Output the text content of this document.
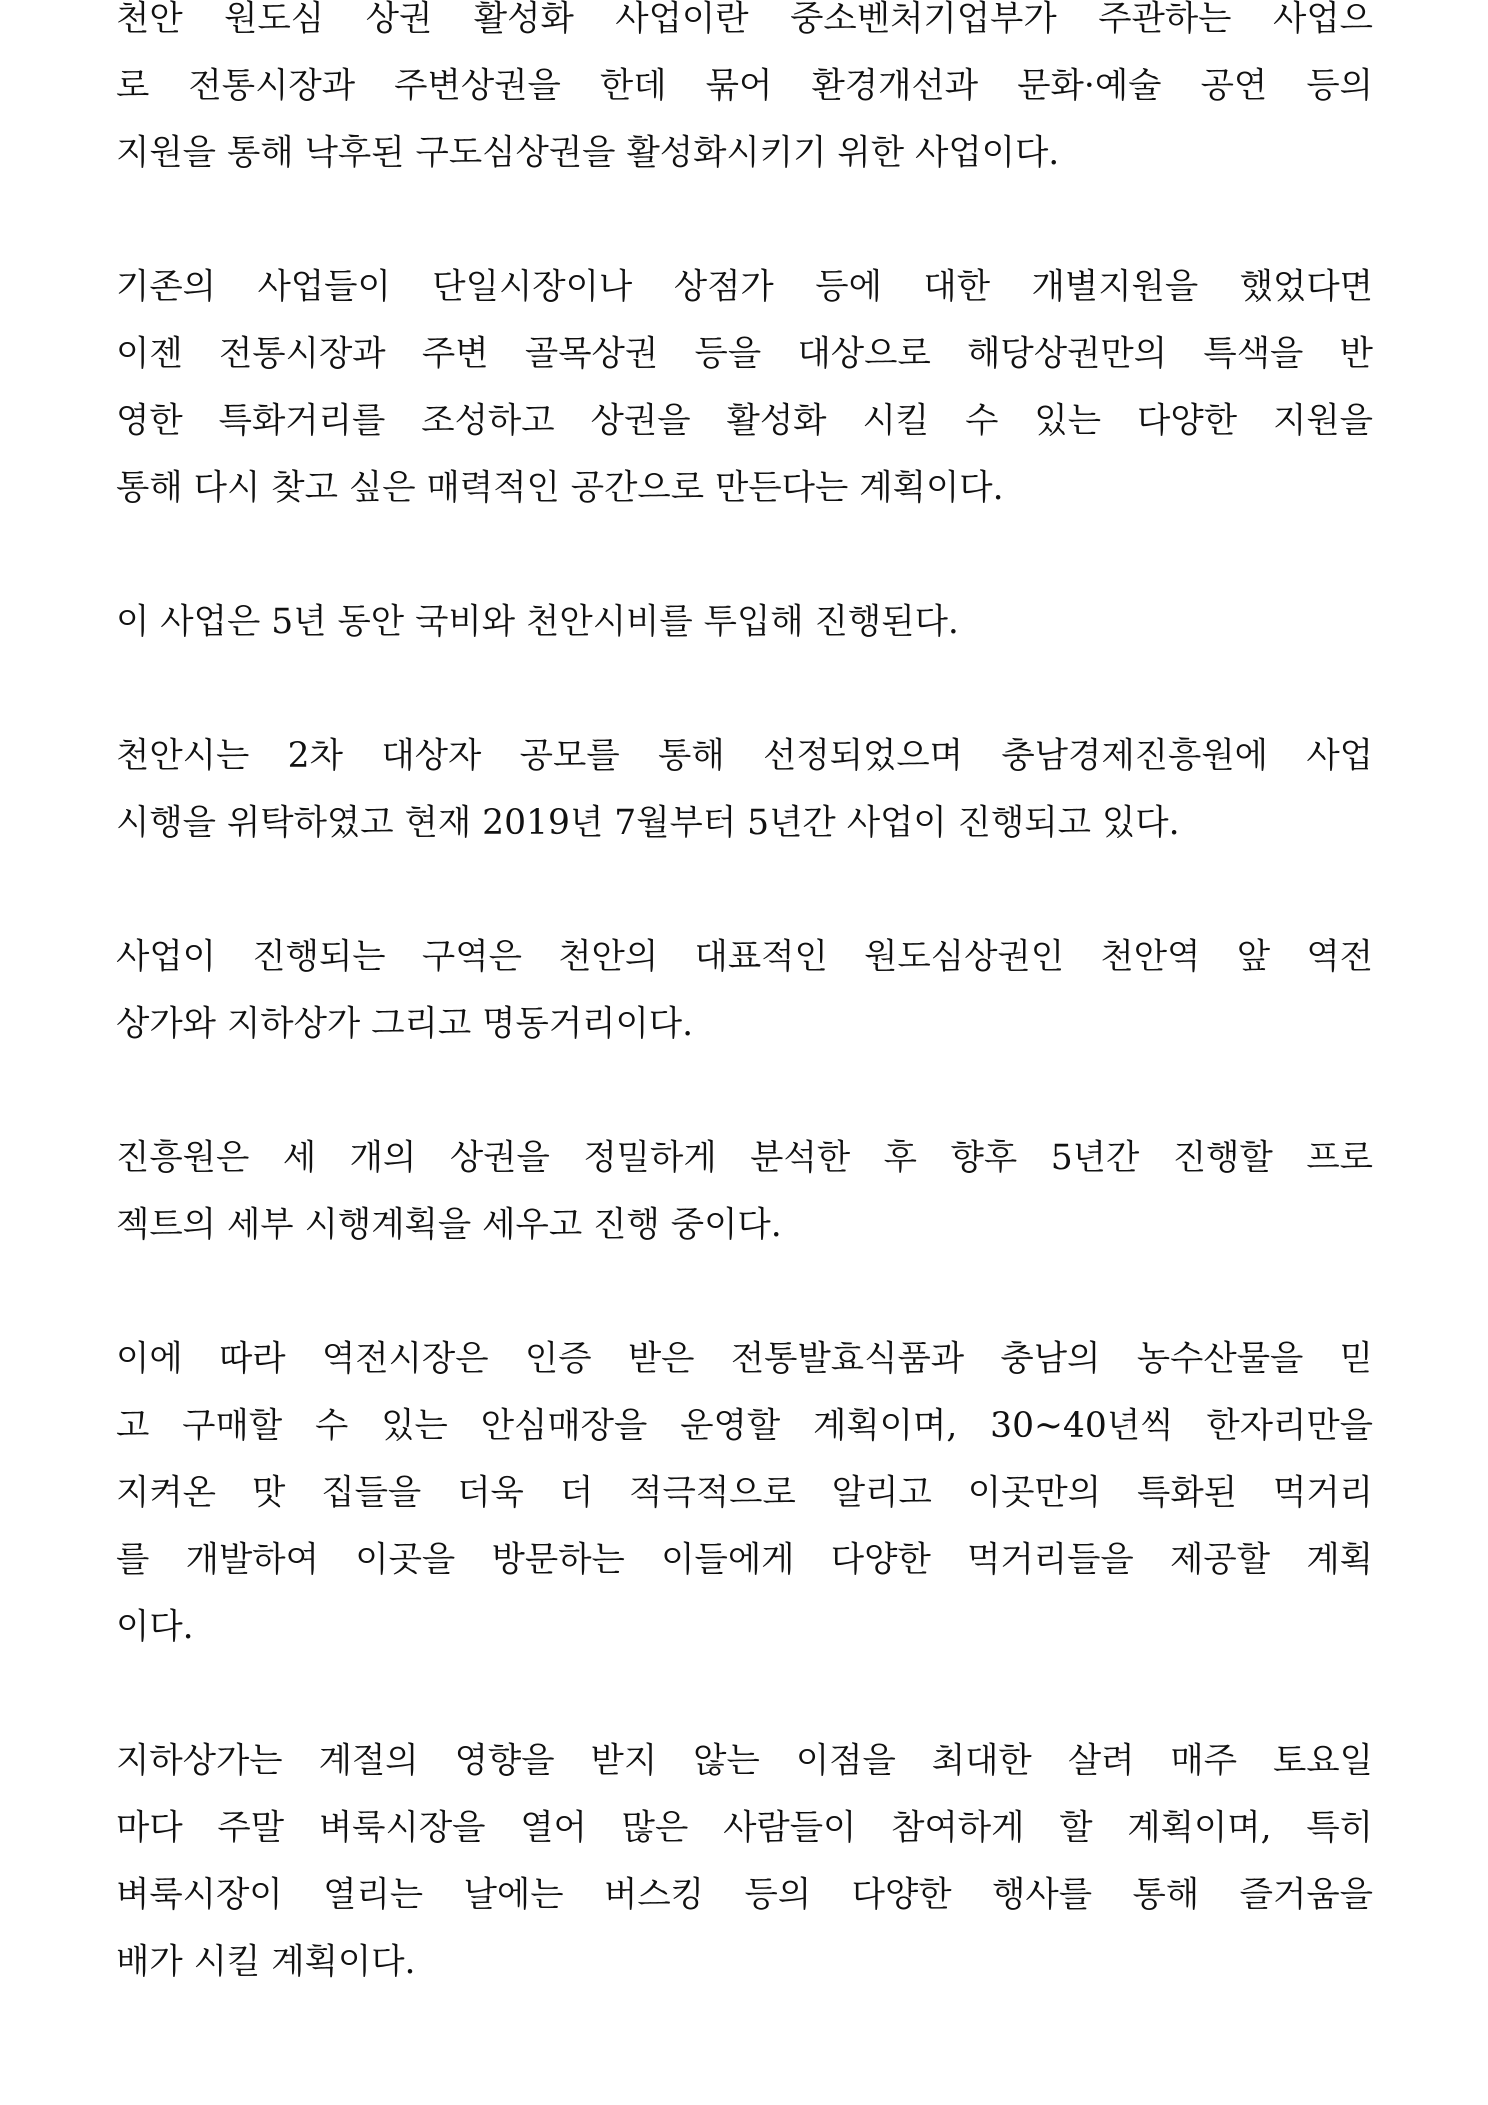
천안 원도심 상권 활성화 사업이란 중소벤처기업부가 주관하는 사업으
로 전통시장과 주변상권을 한데 묶어 환경개선과 문화·예술 공연 등의
지원을 통해 낙후된 구도심상권을 활성화시키기 위한 사업이다.

기존의 사업들이 단일시장이나 상점가 등에 대한 개별지원을 했었다면
이젠 전통시장과 주변 골목상권 등을 대상으로 해당상권만의 특색을 반
영한 특화거리를 조성하고 상권을 활성화 시킬 수 있는 다양한 지원을
통해 다시 찾고 싶은 매력적인 공간으로 만든다는 계획이다.

이 사업은 5년 동안 국비와 천안시비를 투입해 진행된다.

천안시는 2차 대상자 공모를 통해 선정되었으며 충남경제진흥원에 사업
시행을 위탁하였고 현재 2019년 7월부터 5년간 사업이 진행되고 있다.

사업이 진행되는 구역은 천안의 대표적인 원도심상권인 천안역 앞 역전
상가와 지하상가 그리고 명동거리이다.

진흥원은 세 개의 상권을 정밀하게 분석한 후 향후 5년간 진행할 프로
젝트의 세부 시행계획을 세우고 진행 중이다.

이에 따라 역전시장은 인증 받은 전통발효식품과 충남의 농수산물을 믿
고 구매할 수 있는 안심매장을 운영할 계획이며, 30~40년씩 한자리만을
지켜온 맛 집들을 더욱 더 적극적으로 알리고 이곳만의 특화된 먹거리
를 개발하여 이곳을 방문하는 이들에게 다양한 먹거리들을 제공할 계획
이다.

지하상가는 계절의 영향을 받지 않는 이점을 최대한 살려 매주 토요일
마다 주말 벼룩시장을 열어 많은 사람들이 참여하게 할 계획이며, 특히
벼룩시장이 열리는 날에는 버스킹 등의 다양한 행사를 통해 즐거움을
배가 시킬 계획이다.
